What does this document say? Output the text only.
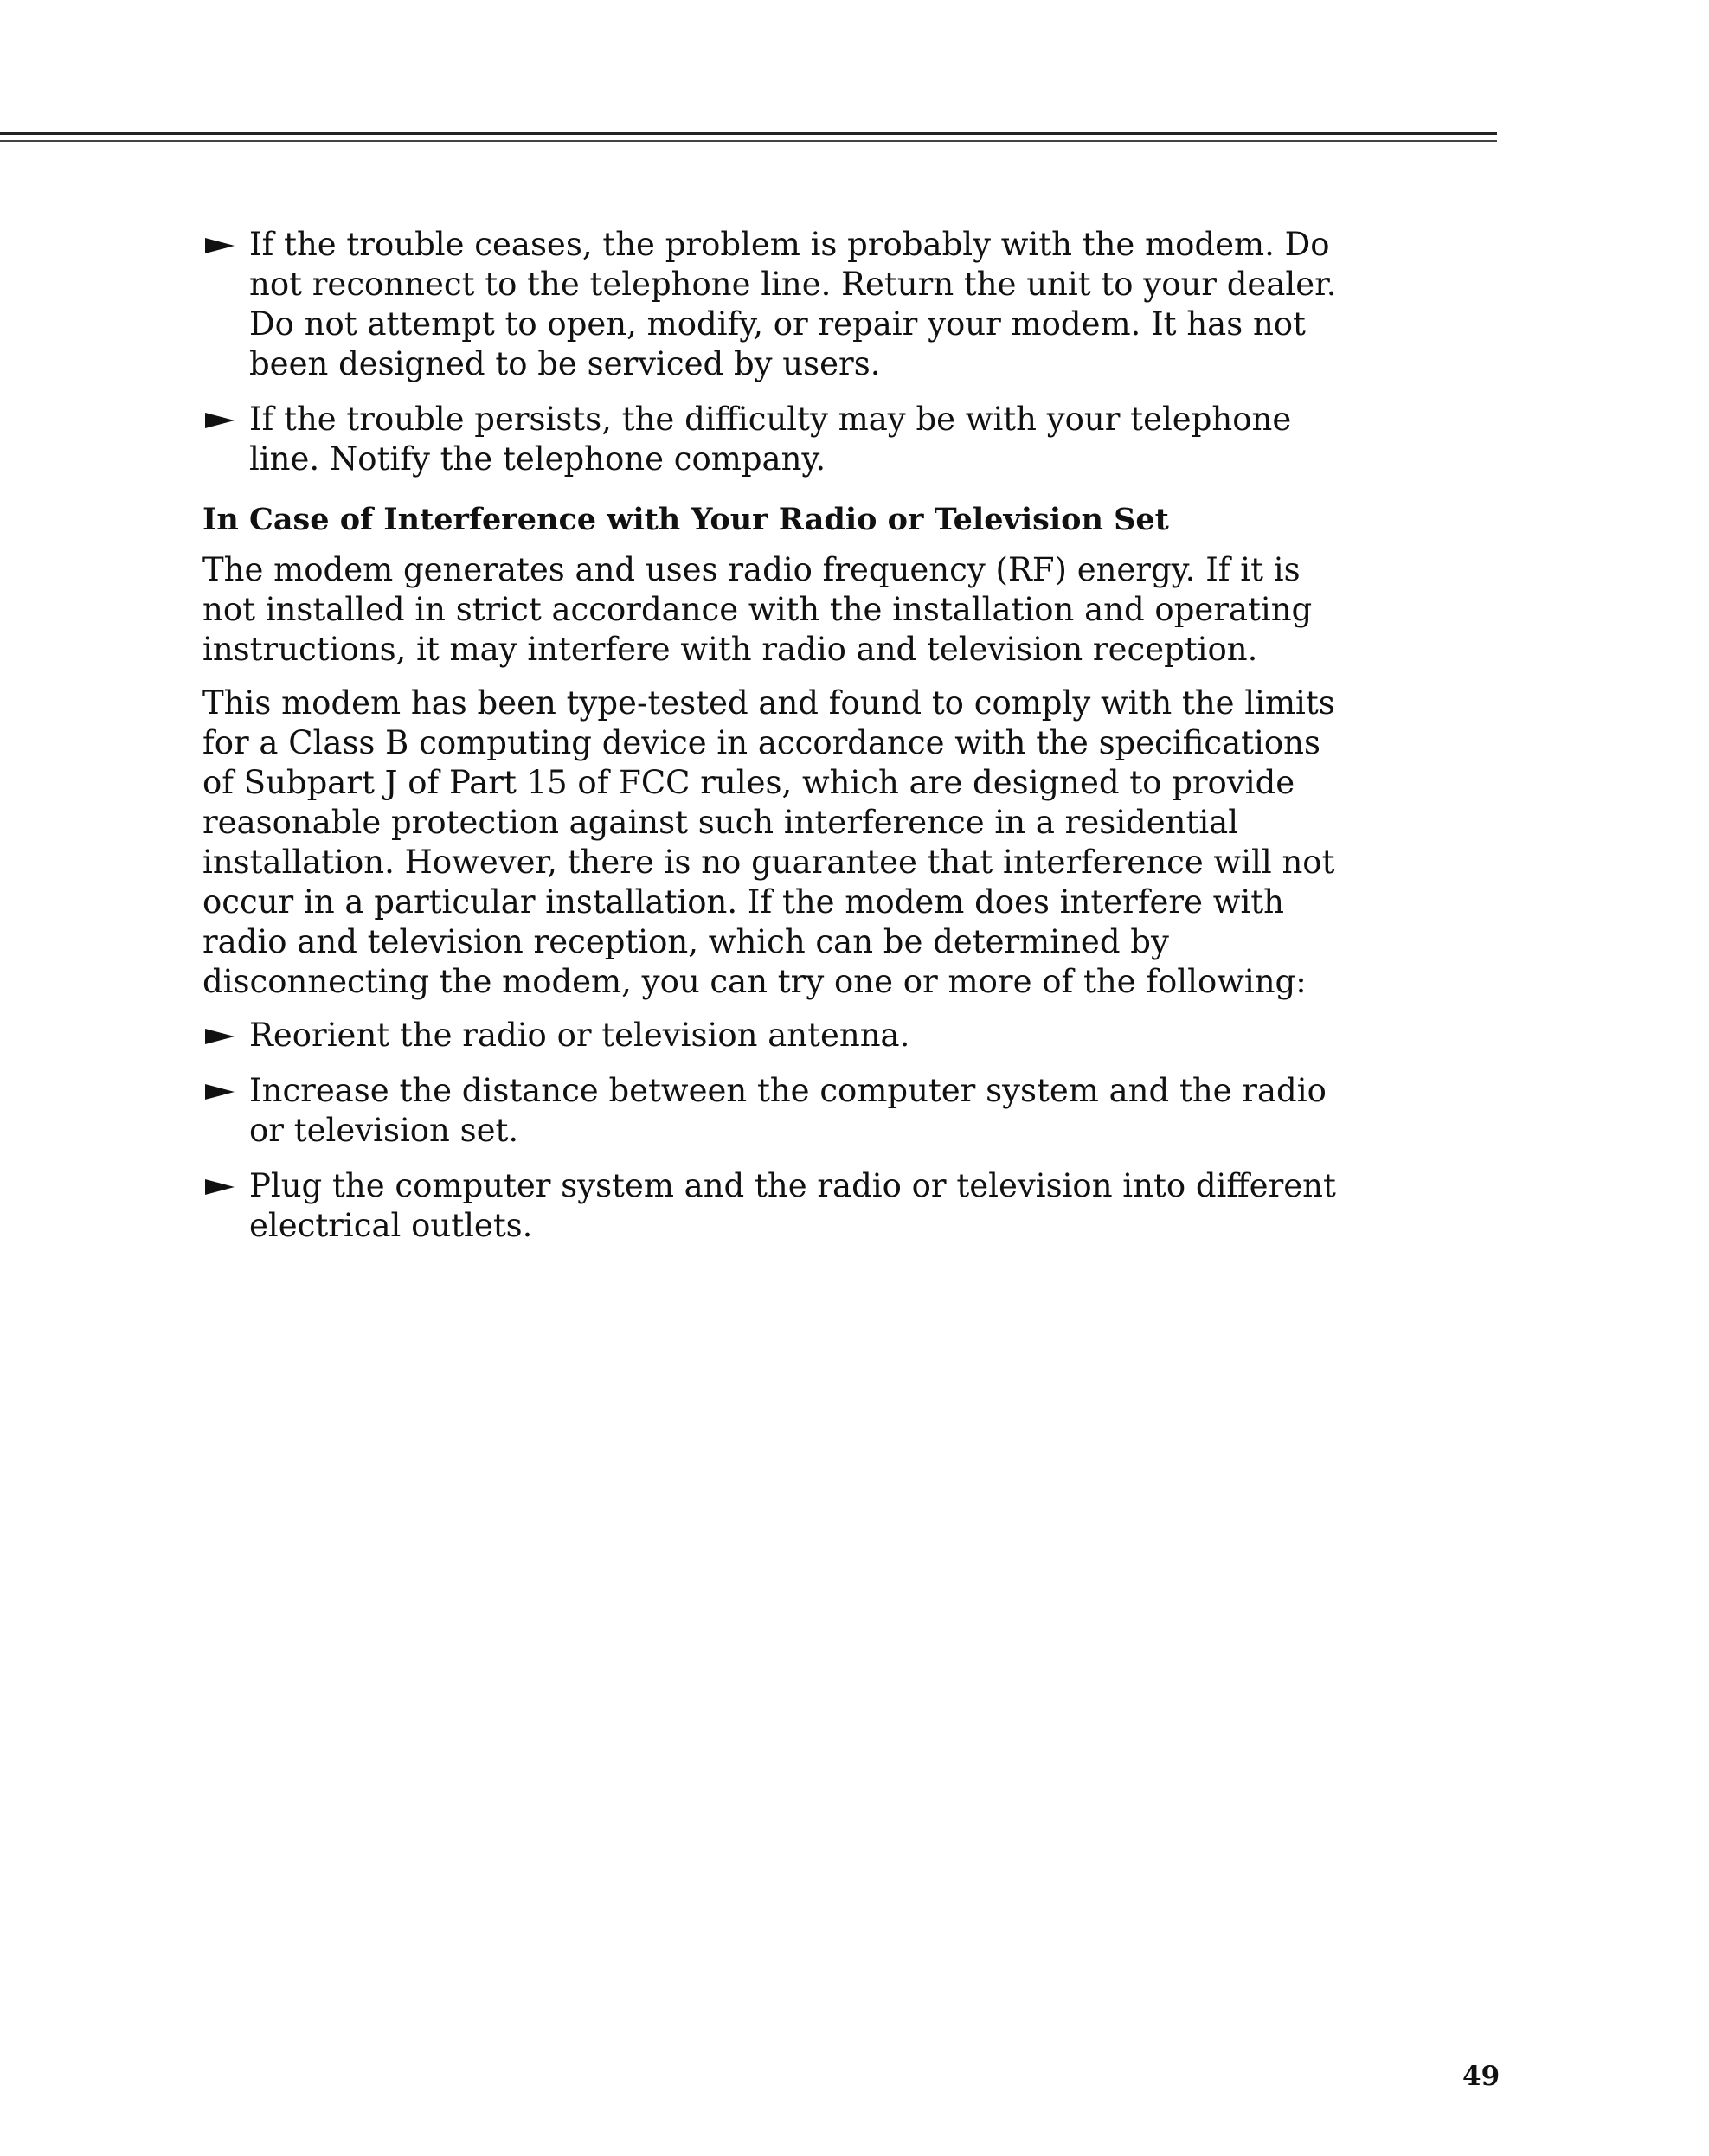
If the trouble ceases, the problem is probably with the modem. Do not reconnect to the telephone line. Return the unit to your dealer. Do not attempt to open, modify, or repair your modem. It has not been designed to be serviced by users.
If the trouble persists, the difficulty may be with your telephone line. Notify the telephone company.
In Case of Interference with Your Radio or Television Set
The modem generates and uses radio frequency (RF) energy. If it is not installed in strict accordance with the installation and operating instructions, it may interfere with radio and television reception.
This modem has been type-tested and found to comply with the limits for a Class B computing device in accordance with the specifications of Subpart J of Part 15 of FCC rules, which are designed to provide reasonable protection against such interference in a residential installation. However, there is no guarantee that interference will not occur in a particular installation. If the modem does interfere with radio and television reception, which can be determined by disconnecting the modem, you can try one or more of the following:
Reorient the radio or television antenna.
Increase the distance between the computer system and the radio or television set.
Plug the computer system and the radio or television into different electrical outlets.
49
